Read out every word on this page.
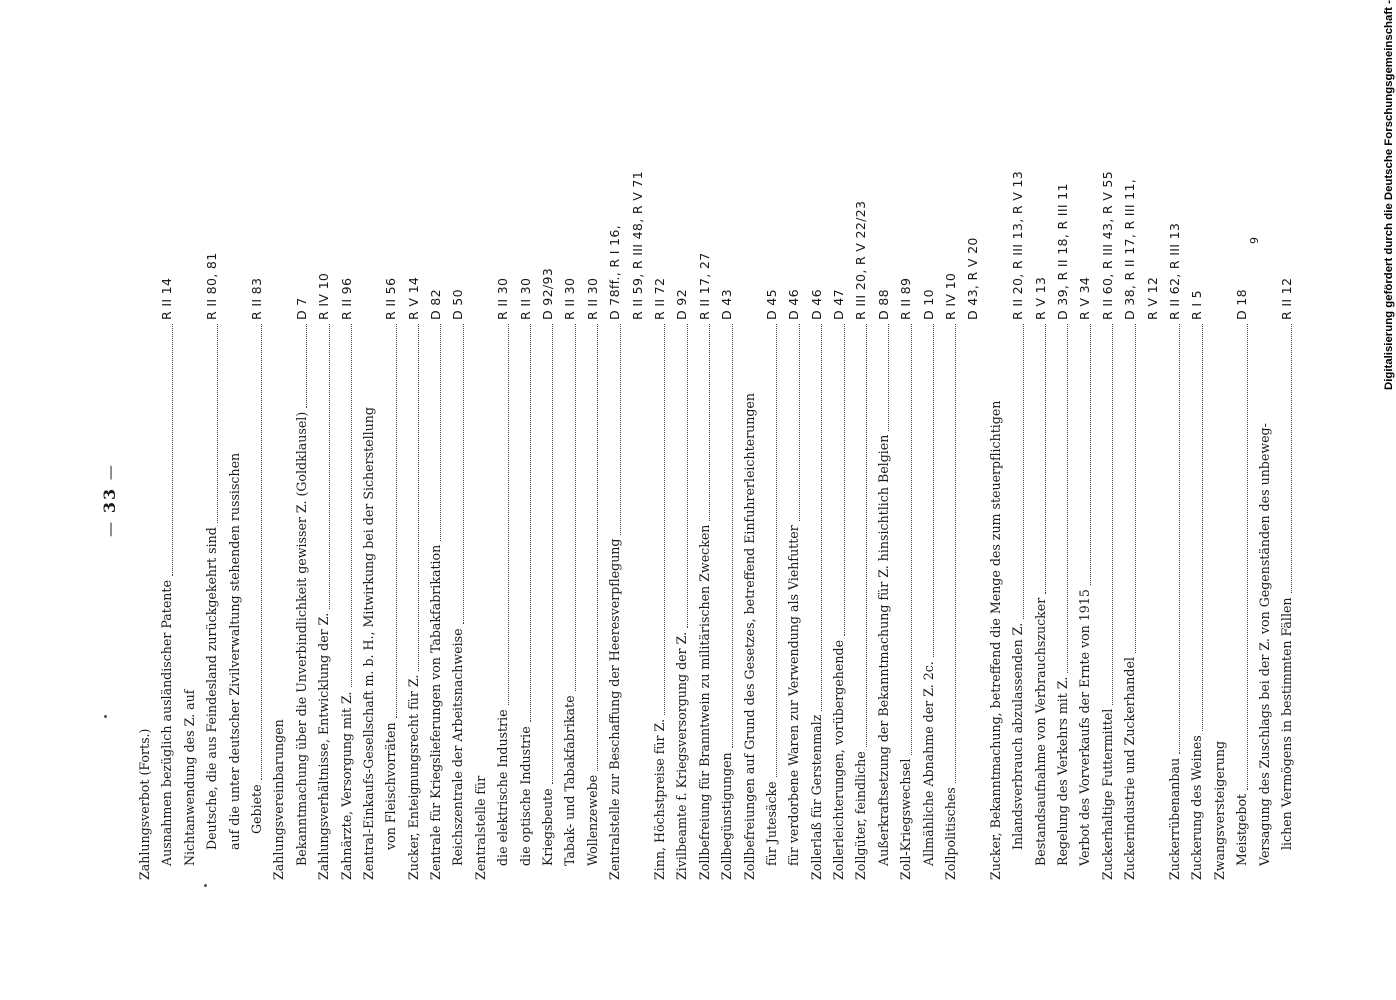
— 33 —
Zahlungsverbot (Forts.) Ausnahmen bezüglich ausländischer Patente
R II 14
Nichtanwendung des Z. auf Deutsche, die aus Feindesland zurückgekehrt sind
R II 80, 81
auf die unter deutscher Zivilverwaltung stehenden russischen Gebiete
R II 83
Zahlungsvereinbarungen Bekanntmachung über die Unverbindlichkeit gewisser Z. (Goldklausel)
D 7
Zahlungsverhältnisse, Entwicklung der Z.
R IV 10
Zahnärzte, Versorgung mit Z.
R II 96
Zentral-Einkaufs-Gesellschaft m. b. H., Mitwirkung bei der Sicherstellung von Fleischvorräten
R II 56
Zucker, Enteignungsrecht für Z.
R V 14
Zentrale für Kriegslieferungen von Tabakfabrikation
D 82
Reichszentrale der Arbeitsnachweise
D 50
Zentralstelle für die elektrische Industrie
R II 30
die optische Industrie
R II 30
Kriegsbeute
D 92/93
Tabak- und Tabakfabrikate
R II 30
Wollenzewebe
R II 30
Zentralstelle zur Beschaffung der Heeresverpflegung
D 78ff., R I 16, R II 59, R III 48, R V 71
Zinn, Höchstpreise für Z.
R II 72
Zivilbeamte f. Kriegsversorgung der Z.
D 92
Zollbefreiung für Branntwein zu militärischen Zwecken
R II 17, 27
Zollbegünstigungen
D 43
Zollbefreiungen auf Grund des Gesetzes, betreffend Einfuhrerleichterungen für Jutesäcke
D 45
für verdorbene Waren zur Verwendung als Viehfutter
D 46
Zollerlaß für Gerstenmalz
D 46
Zollerleichterungen, vorübergehende
D 47
Zollgüter, feindliche
R III 20, R V 22/23
Außerkraftsetzung der Bekanntmachung für Z. hinsichtlich Belgien
D 88
Zoll-Kriegswechsel
R II 89
Allmähliche Abnahme der Z. 2c.
D 10
Zollpolitisches
R IV 10 D 43, R V 20
Zucker, Bekanntmachung, betreffend die Menge des zum steuerpflichtigen Inlandsverbrauch abzulassenden Z.
R II 20, R III 13, R V 13
Bestandsaufnahme von Verbrauchszucker
R V 13
Regelung des Verkehrs mit Z.
D 39, R II 18, R III 11
Verbot des Vorverkaufs der Ernte von 1915
R V 34
Zuckerhaltige Futtermittel
R II 60, R III 43, R V 55
Zuckerindustrie und Zuckerhandel
D 38, R II 17, R III 11, R V 12
Zuckerrübenanbau
R II 62, R III 13
Zuckerung des Weines
R I 5
Zwangsversteigerung Meistgebot
D 18
Versagung des Zuschlags bei der Z. von Gegenständen des unbeweg- lichen Vermögens in bestimmten Fällen
R II 12
9	Digitalisierung gefördert durch die Deutsche Forschungsgemeinschaft -
